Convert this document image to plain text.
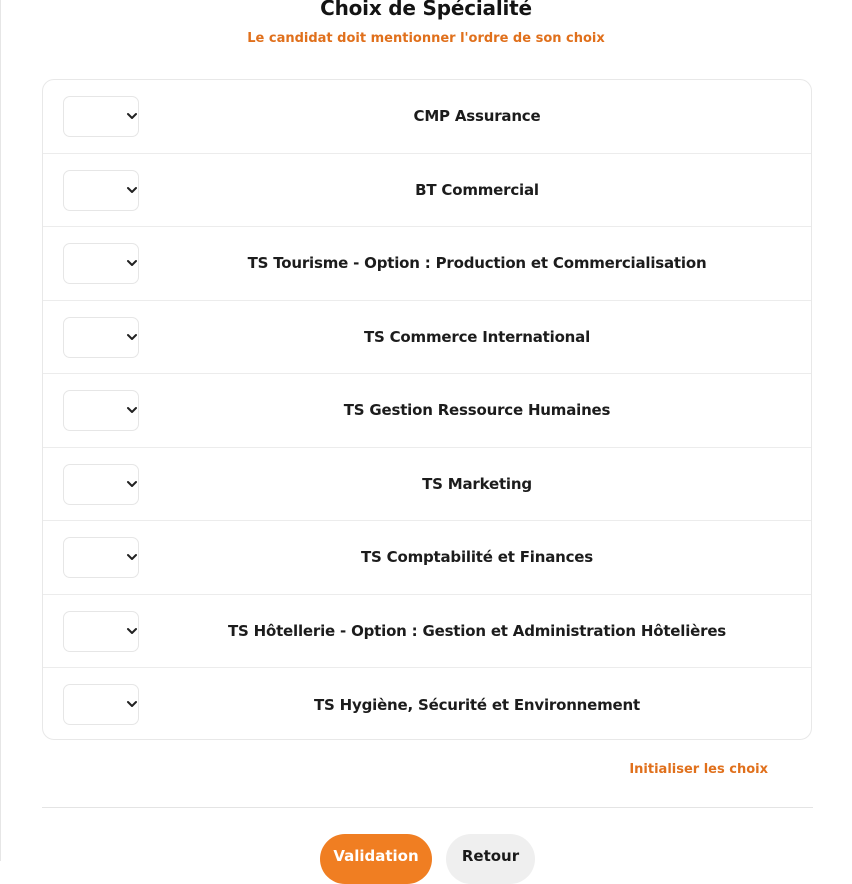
Choix de Spécialité
Le candidat doit mentionner l'ordre de son choix
CMP Assurance
BT Commercial
TS Tourisme - Option : Production et Commercialisation
TS Commerce International
TS Gestion Ressource Humaines
TS Marketing
TS Comptabilité et Finances
TS Hôtellerie - Option : Gestion et Administration Hôtelières
TS Hygiène, Sécurité et Environnement
Initialiser les choix
Validation	Retour
